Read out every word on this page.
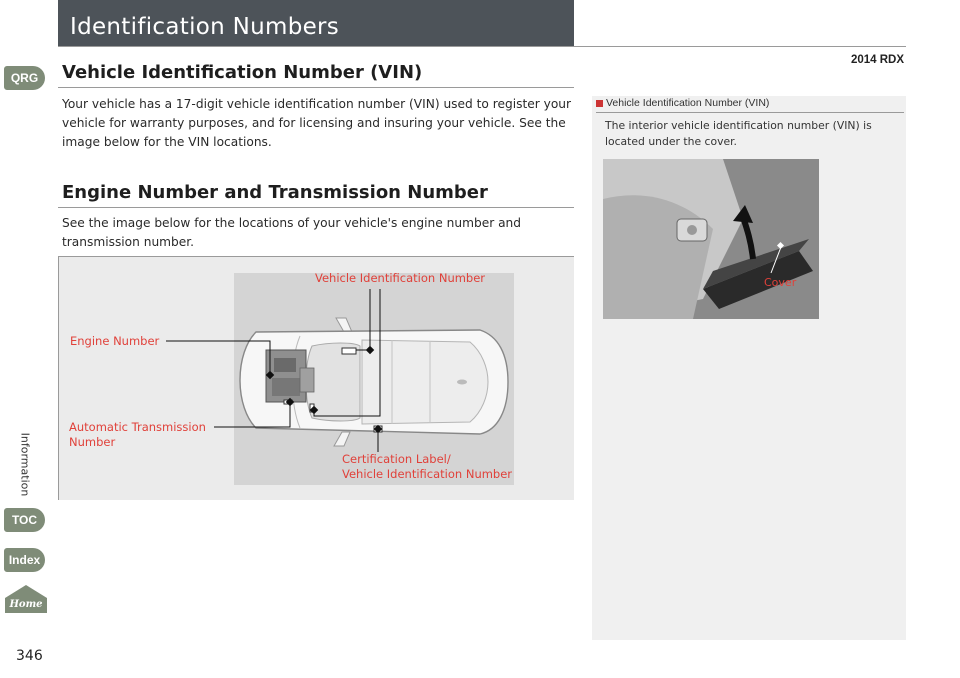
Identification Numbers
2014 RDX
QRG
Information
TOC
Index
Home
346
Vehicle Identification Number (VIN)

Your vehicle has a 17-digit vehicle identification number (VIN) used to register your vehicle for warranty purposes, and for licensing and insuring your vehicle. See the image below for the VIN locations.

Engine Number and Transmission Number

See the image below for the locations of your vehicle's engine number and transmission number.

Vehicle Identification Number
Engine Number
Automatic Transmission
Number
Certification Label/
Vehicle Identification Number
Vehicle Identification Number (VIN)
The interior vehicle identification number (VIN) is located under the cover.
Cover
